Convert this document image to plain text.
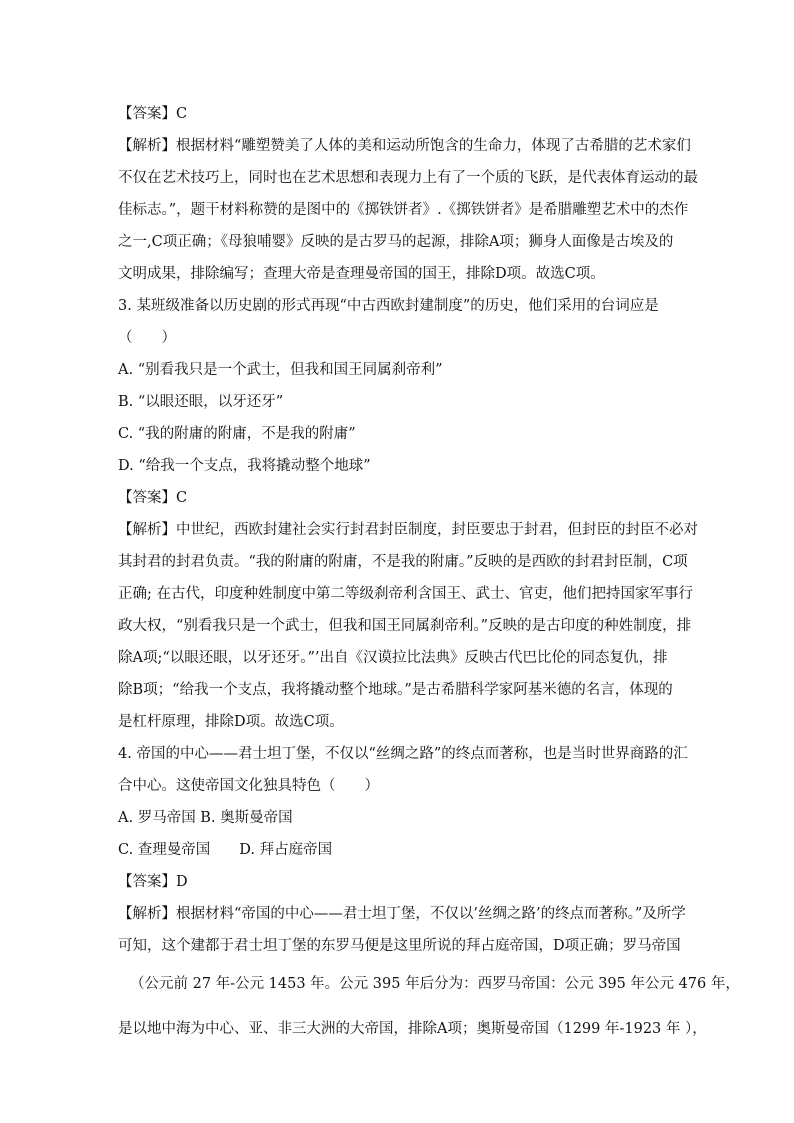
【答案】C
【解析】根据材料“雕塑赞美了人体的美和运动所饱含的生命力，体现了古希腊的艺术家们
不仅在艺术技巧上，同时也在艺术思想和表现力上有了一个质的飞跃，是代表体育运动的最
佳标志。”，题干材料称赞的是图中的《掷铁饼者》.《掷铁饼者》是希腊雕塑艺术中的杰作
之一,C项正确；《母狼哺婴》反映的是古罗马的起源，排除A项；狮身人面像是古埃及的
文明成果，排除编写；查理大帝是查理曼帝国的国王，排除D项。故选C项。
3. 某班级准备以历史剧的形式再现“中古西欧封建制度”的历史，他们采用的台词应是
（　　）
A. “别看我只是一个武士，但我和国王同属刹帝利”
B. “以眼还眼，以牙还牙”
C. “我的附庸的附庸，不是我的附庸”
D. “给我一个支点，我将撬动整个地球”
【答案】C
【解析】中世纪，西欧封建社会实行封君封臣制度，封臣要忠于封君，但封臣的封臣不必对
其封君的封君负责。“我的附庸的附庸，不是我的附庸。”反映的是西欧的封君封臣制，C项
正确; 在古代，印度种姓制度中第二等级刹帝利含国王、武士、官吏，他们把持国家军事行
政大权，“别看我只是一个武士，但我和国王同属刹帝利。”反映的是古印度的种姓制度，排
除A项;“以眼还眼，以牙还牙。”’出自《汉谟拉比法典》反映古代巴比伦的同态复仇，排
除B项；“给我一个支点，我将撬动整个地球。”是古希腊科学家阿基米德的名言，体现的
是杠杆原理，排除D项。故选C项。
4. 帝国的中心——君士坦丁堡，不仅以“丝绸之路”的终点而著称，也是当时世界商路的汇
合中心。这使帝国文化独具特色（　　）
A. 罗马帝国 B. 奥斯曼帝国
C. 查理曼帝国　　D. 拜占庭帝国
【答案】D
【解析】根据材料“帝国的中心——君士坦丁堡，不仅以’丝绸之路’的终点而著称。”及所学
可知，这个建都于君士坦丁堡的东罗马便是这里所说的拜占庭帝国，D项正确；罗马帝国
（公元前 27 年-公元 1453 年。公元 395 年后分为：西罗马帝国：公元 395 年公元 476 年，
是以地中海为中心、亚、非三大洲的大帝国，排除A项；奥斯曼帝国（1299 年-1923 年 ），
